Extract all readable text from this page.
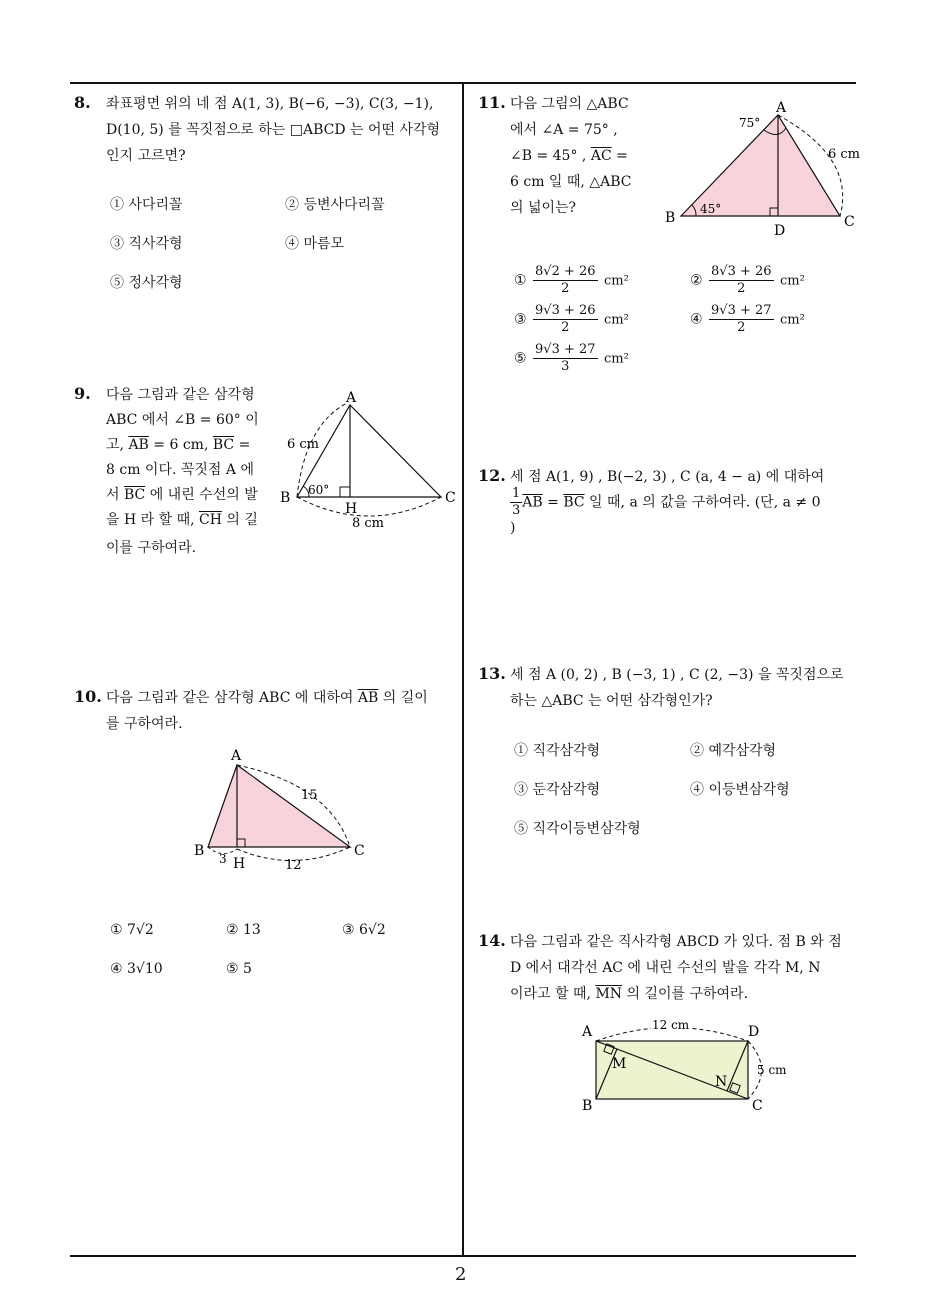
2
8. 좌표평면 위의 네 점 A(1, 3), B(−6, −3), C(3, −1),
D(10, 5) 를 꼭짓점으로 하는 □ABCD 는 어떤 사각형
인지 고르면?
① 사다리꼴	② 등변사다리꼴
③ 직사각형	④ 마름모
⑤ 정사각형
9. 다음 그림과 같은 삼각형
ABC 에서 ∠B = 60° 이
고, $\overline{AB} = 6$ cm, $\overline{BC}$ =
8 cm 이다. 꼭짓점 A 에
서 $\overline{BC}$ 에 내린 수선의 발
을 H 라 할 때, $\overline{CH}$ 의 길
이를 구하여라.
A
B	C
H
6 cm
8 cm
60°
10. 다음 그림과 같은 삼각형 ABC 에 대하여 $\overline{AB}$ 의 길이
를 구하여라.
A
B	C
H
15
3	12
① 7√2	② 13	③ 6√2
④ 3√10	⑤ 5
11. 다음 그림의 △ABC
에서 ∠A = 75° ,
∠B = 45° , $\overline{AC}$ =
6 cm 일 때, △ABC
의 넓이는?
A
B	C
D
75°
45°
6 cm
① $\frac{8√2 + 26}{2} cm^2$	② $\frac{8√3 + 26}{2} cm^2$
③ $\frac{9√3 + 26}{2} cm^2$	④ $\frac{9√3 + 27}{2} cm^2$
⑤ $\frac{9√3 + 27}{3} cm^2$
12. 세 점 A(1, 9) , B(−2, 3) , C (a, 4 − a) 에 대하여
$\frac{1}{3} \overline{AB} = \overline{BC}$ 일 때, a 의 값을 구하여라. (단, a ≠ 0
)
13. 세 점 A (0, 2) , B (−3, 1) , C (2, −3) 을 꼭짓점으로
하는 △ABC 는 어떤 삼각형인가?
① 직각삼각형	② 예각삼각형
③ 둔각삼각형	④ 이등변삼각형
⑤ 직각이등변삼각형
14. 다음 그림과 같은 직사각형 ABCD 가 있다. 점 B 와 점
D 에서 대각선 AC 에 내린 수선의 발을 각각 M, N
이라고 할 때, $\overline{MN}$ 의 길이를 구하여라.
12 cm
A	D
B	C
M
N
5 cm
